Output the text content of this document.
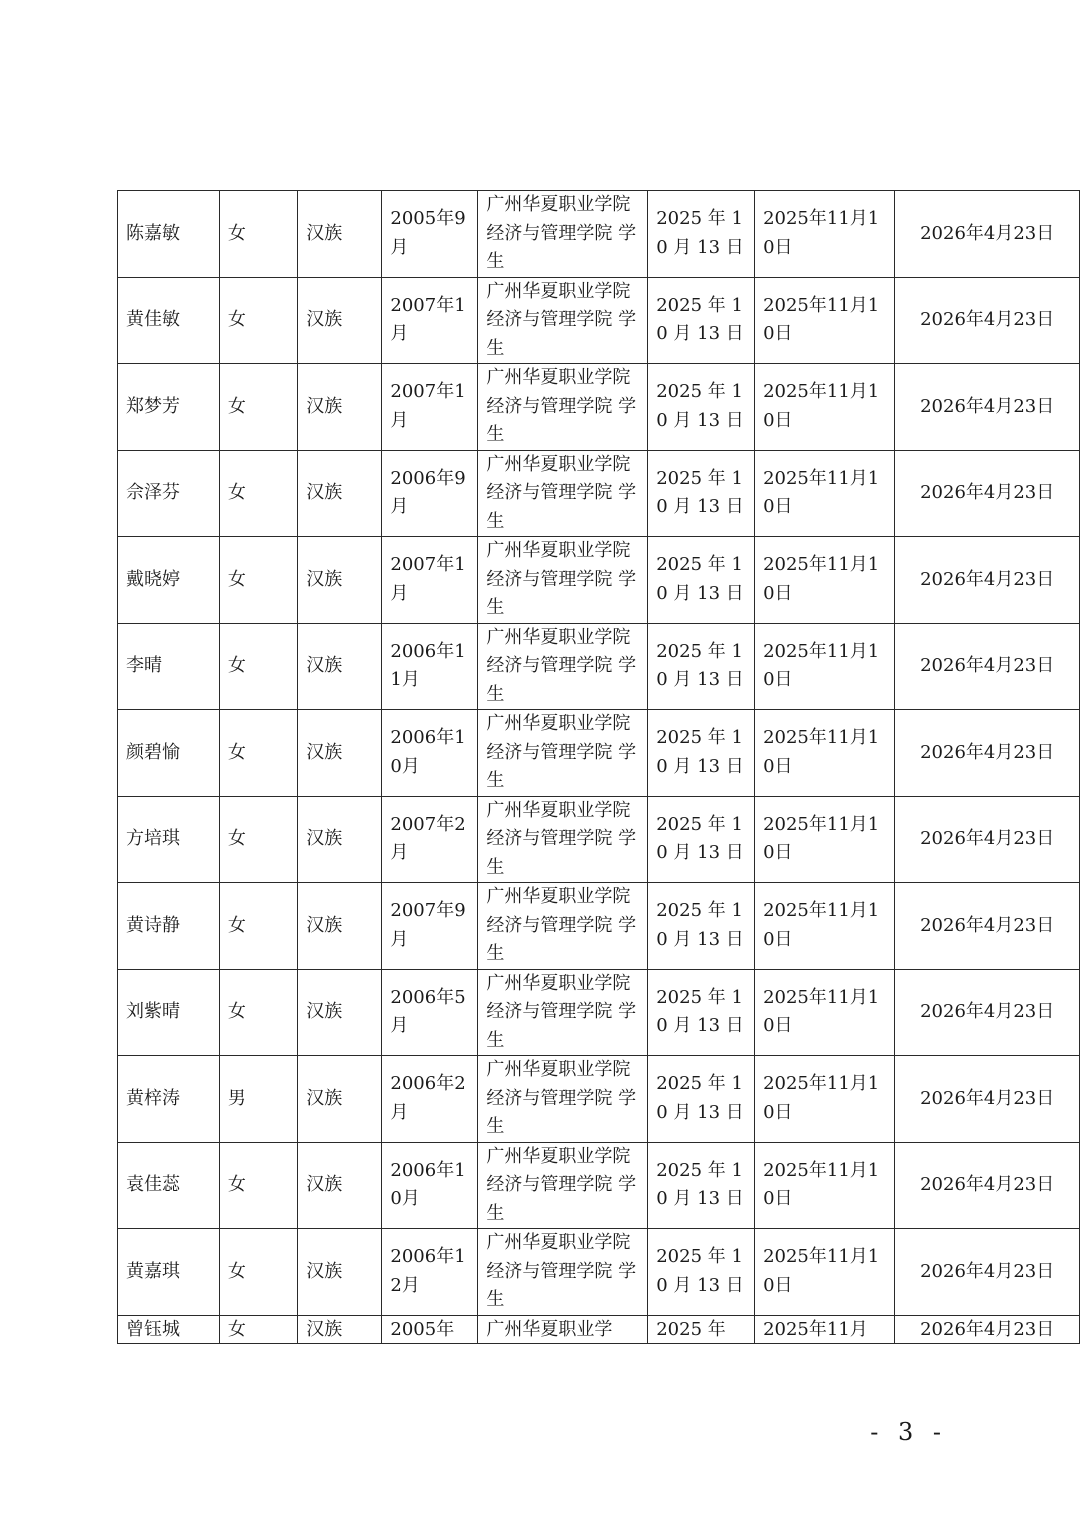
陈嘉敏	女	汉族	2005年9月	广州华夏职业学院经济与管理学院 学生	2025 年 10 月 13 日	2025年11月10日	2026年4月23日

黄佳敏	女	汉族	2007年1月	广州华夏职业学院经济与管理学院 学生	2025 年 10 月 13 日	2025年11月10日	2026年4月23日

郑梦芳	女	汉族	2007年1月	广州华夏职业学院经济与管理学院 学生	2025 年 10 月 13 日	2025年11月10日	2026年4月23日

佘泽芬	女	汉族	2006年9月	广州华夏职业学院经济与管理学院 学生	2025 年 10 月 13 日	2025年11月10日	2026年4月23日

戴晓婷	女	汉族	2007年1月	广州华夏职业学院经济与管理学院 学生	2025 年 10 月 13 日	2025年11月10日	2026年4月23日

李晴	女	汉族	2006年11月	广州华夏职业学院经济与管理学院 学生	2025 年 10 月 13 日	2025年11月10日	2026年4月23日

颜碧愉	女	汉族	2006年10月	广州华夏职业学院经济与管理学院 学生	2025 年 10 月 13 日	2025年11月10日	2026年4月23日

方培琪	女	汉族	2007年2月	广州华夏职业学院经济与管理学院 学生	2025 年 10 月 13 日	2025年11月10日	2026年4月23日

黄诗静	女	汉族	2007年9月	广州华夏职业学院经济与管理学院 学生	2025 年 10 月 13 日	2025年11月10日	2026年4月23日

刘紫晴	女	汉族	2006年5月	广州华夏职业学院经济与管理学院 学生	2025 年 10 月 13 日	2025年11月10日	2026年4月23日

黄梓涛	男	汉族	2006年2月	广州华夏职业学院经济与管理学院 学生	2025 年 10 月 13 日	2025年11月10日	2026年4月23日

袁佳蕊	女	汉族	2006年10月	广州华夏职业学院经济与管理学院 学生	2025 年 10 月 13 日	2025年11月10日	2026年4月23日

黄嘉琪	女	汉族	2006年12月	广州华夏职业学院经济与管理学院 学生	2025 年 10 月 13 日	2025年11月10日	2026年4月23日

曾钰城	女	汉族	2005年	广州华夏职业学	2025 年	2025年11月	2026年4月23日
- 3 -
